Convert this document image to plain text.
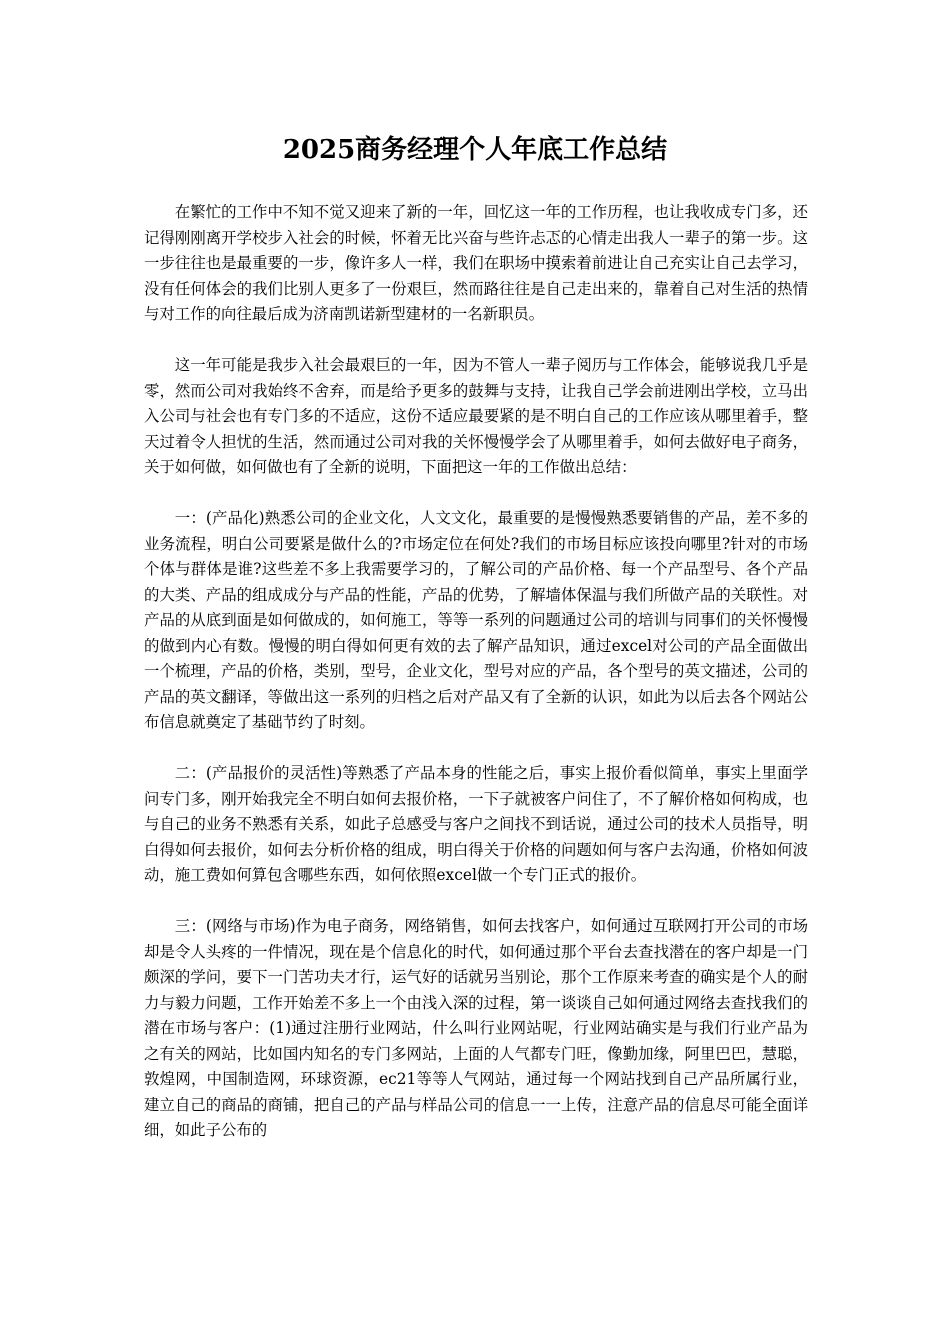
2025商务经理个人年底工作总结

在繁忙的工作中不知不觉又迎来了新的一年，回忆这一年的工作历程，也让我收成专门多，还记得刚刚离开学校步入社会的时候，怀着无比兴奋与些许忐忑的心情走出我人一辈子的第一步。这一步往往也是最重要的一步，像许多人一样，我们在职场中摸索着前进让自己充实让自己去学习，没有任何体会的我们比别人更多了一份艰巨，然而路往往是自己走出来的，靠着自己对生活的热情与对工作的向往最后成为济南凯诺新型建材的一名新职员。

这一年可能是我步入社会最艰巨的一年，因为不管人一辈子阅历与工作体会，能够说我几乎是零，然而公司对我始终不舍弃，而是给予更多的鼓舞与支持，让我自己学会前进刚出学校，立马出入公司与社会也有专门多的不适应，这份不适应最要紧的是不明白自己的工作应该从哪里着手，整天过着令人担忧的生活，然而通过公司对我的关怀慢慢学会了从哪里着手，如何去做好电子商务，关于如何做，如何做也有了全新的说明，下面把这一年的工作做出总结：

一：(产品化)熟悉公司的企业文化，人文文化，最重要的是慢慢熟悉要销售的产品，差不多的业务流程，明白公司要紧是做什么的?市场定位在何处?我们的市场目标应该投向哪里?针对的市场个体与群体是谁?这些差不多上我需要学习的，了解公司的产品价格、每一个产品型号、各个产品的大类、产品的组成成分与产品的性能，产品的优势，了解墙体保温与我们所做产品的关联性。对产品的从底到面是如何做成的，如何施工，等等一系列的问题通过公司的培训与同事们的关怀慢慢的做到内心有数。慢慢的明白得如何更有效的去了解产品知识，通过excel对公司的产品全面做出一个梳理，产品的价格，类别，型号，企业文化，型号对应的产品，各个型号的英文描述，公司的产品的英文翻译，等做出这一系列的归档之后对产品又有了全新的认识，如此为以后去各个网站公布信息就奠定了基础节约了时刻。

二：(产品报价的灵活性)等熟悉了产品本身的性能之后，事实上报价看似简单，事实上里面学问专门多，刚开始我完全不明白如何去报价格，一下子就被客户问住了，不了解价格如何构成，也与自己的业务不熟悉有关系，如此子总感受与客户之间找不到话说，通过公司的技术人员指导，明白得如何去报价，如何去分析价格的组成，明白得关于价格的问题如何与客户去沟通，价格如何波动，施工费如何算包含哪些东西，如何依照excel做一个专门正式的报价。

三：(网络与市场)作为电子商务，网络销售，如何去找客户，如何通过互联网打开公司的市场却是令人头疼的一件情况，现在是个信息化的时代，如何通过那个平台去查找潜在的客户却是一门颇深的学问，要下一门苦功夫才行，运气好的话就另当别论，那个工作原来考查的确实是个人的耐力与毅力问题，工作开始差不多上一个由浅入深的过程，第一谈谈自己如何通过网络去查找我们的潜在市场与客户：(1)通过注册行业网站，什么叫行业网站呢，行业网站确实是与我们行业产品为之有关的网站，比如国内知名的专门多网站，上面的人气都专门旺，像勤加缘，阿里巴巴，慧聪，敦煌网，中国制造网，环球资源，ec21等等人气网站，通过每一个网站找到自己产品所属行业，建立自己的商品的商铺，把自己的产品与样品公司的信息一一上传，注意产品的信息尽可能全面详细，如此子公布的
